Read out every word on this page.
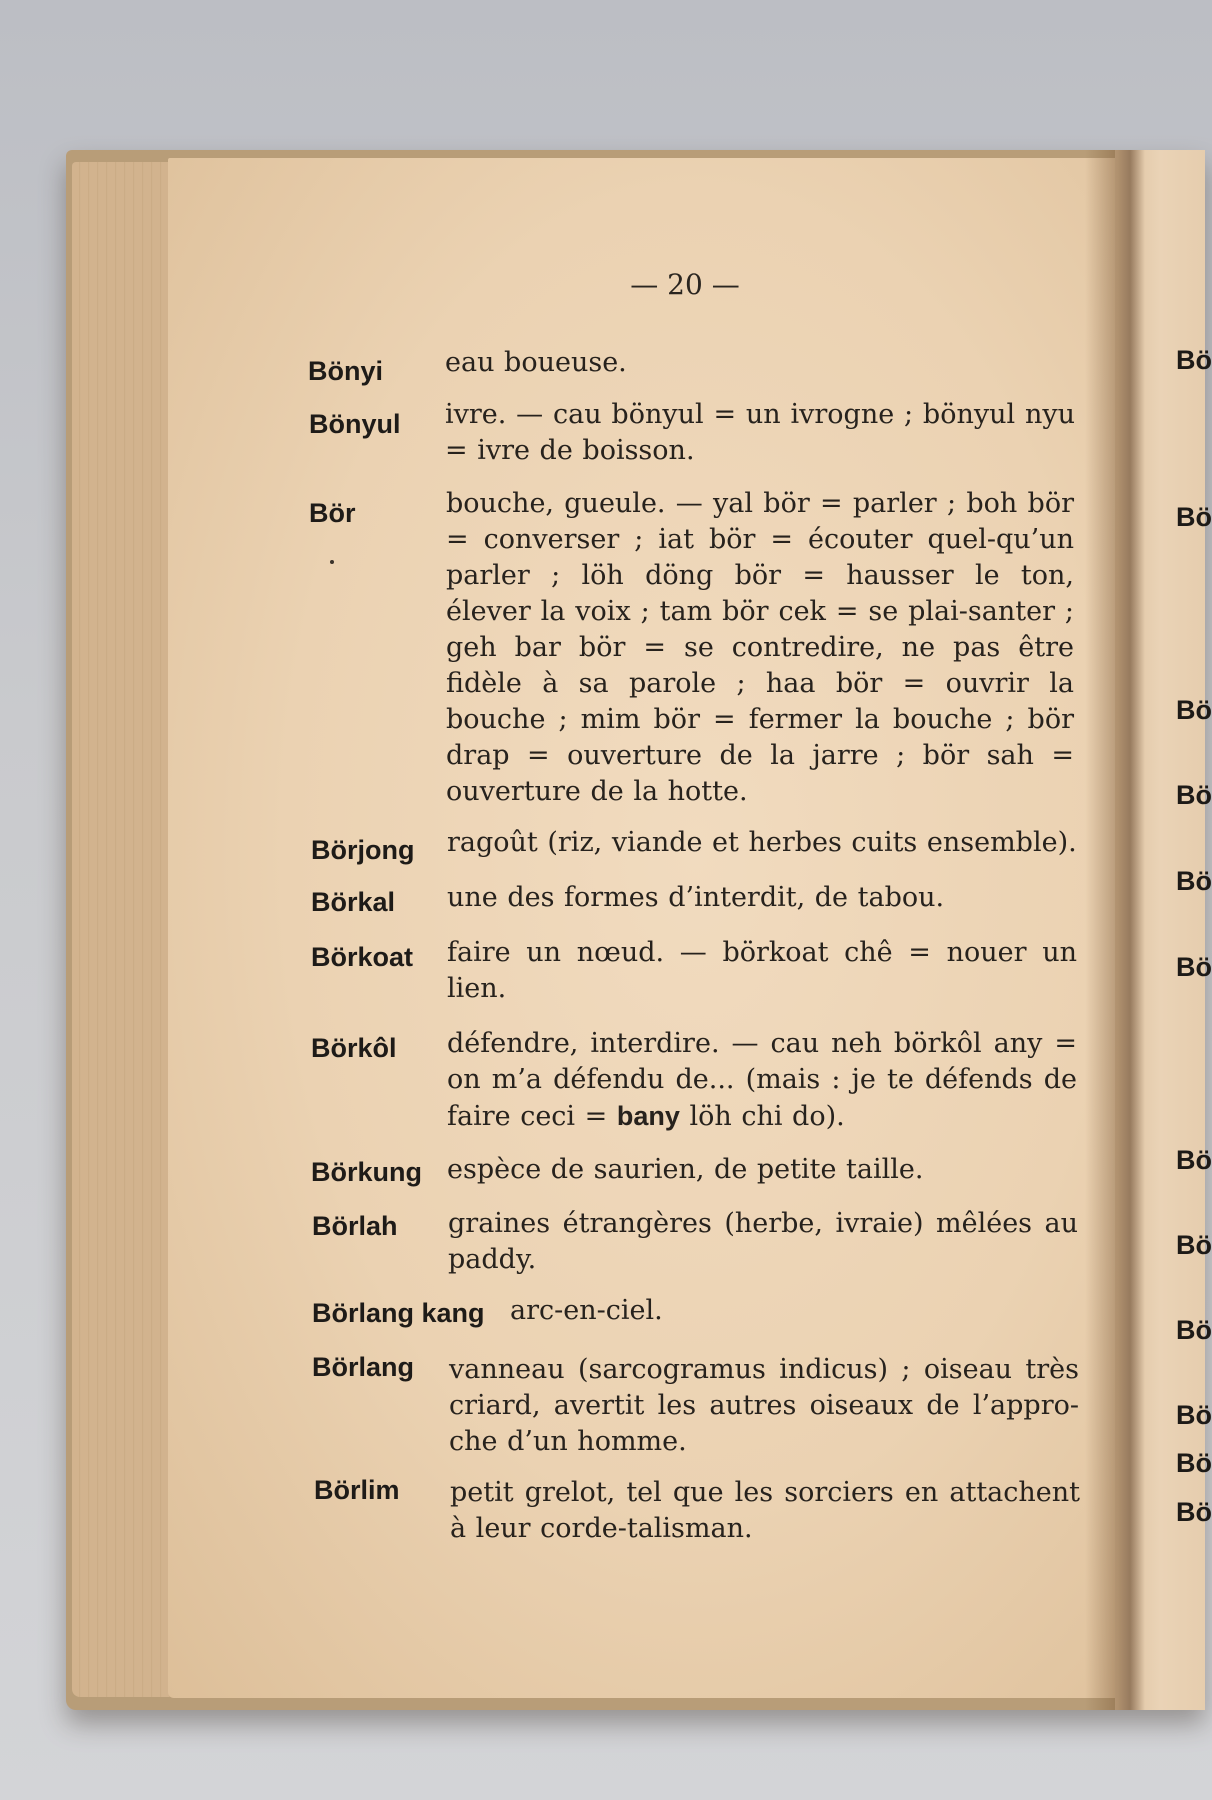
— 20 —
Bönyi eau boueuse.
Bönyul ivre. — cau bönyul = un ivrogne ; bönyul nyu = ivre de boisson.
Bör	bouche, gueule. — yal bör = parler ; boh bör = converser ; iat bör = écouter quel-qu’un parler ; löh döng bör = hausser le ton, élever la voix ; tam bör cek = se plai-santer ; geh bar bör = se contredire, ne pas être fidèle à sa parole ; haa bör = ouvrir la bouche ; mim bör = fermer la bouche ; bör drap = ouverture de la jarre ; bör sah = ouverture de la hotte.
Börjong ragoût (riz, viande et herbes cuits ensemble).
Börkal une des formes d’interdit, de tabou.
Börkoat faire un nœud. — börkoat chê = nouer un lien.
Börkôl défendre, interdire. — cau neh börkôl any = on m’a défendu de... (mais : je te défends de faire ceci = bany löh chi do).
Börkung espèce de saurien, de petite taille.
Börlah graines étrangères (herbe, ivraie) mêlées au paddy.
Börlang kang arc-en-ciel.
Börlang vanneau (sarcogramus indicus) ; oiseau très criard, avertit les autres oiseaux de l’appro-che d’un homme.
Börlim petit grelot, tel que les sorciers en attachent à leur corde-talisman.
Bö
Bö
Bö
Bö
Bö
Bö
Bö
Bö
Bö
Bö
Bö
Bö
